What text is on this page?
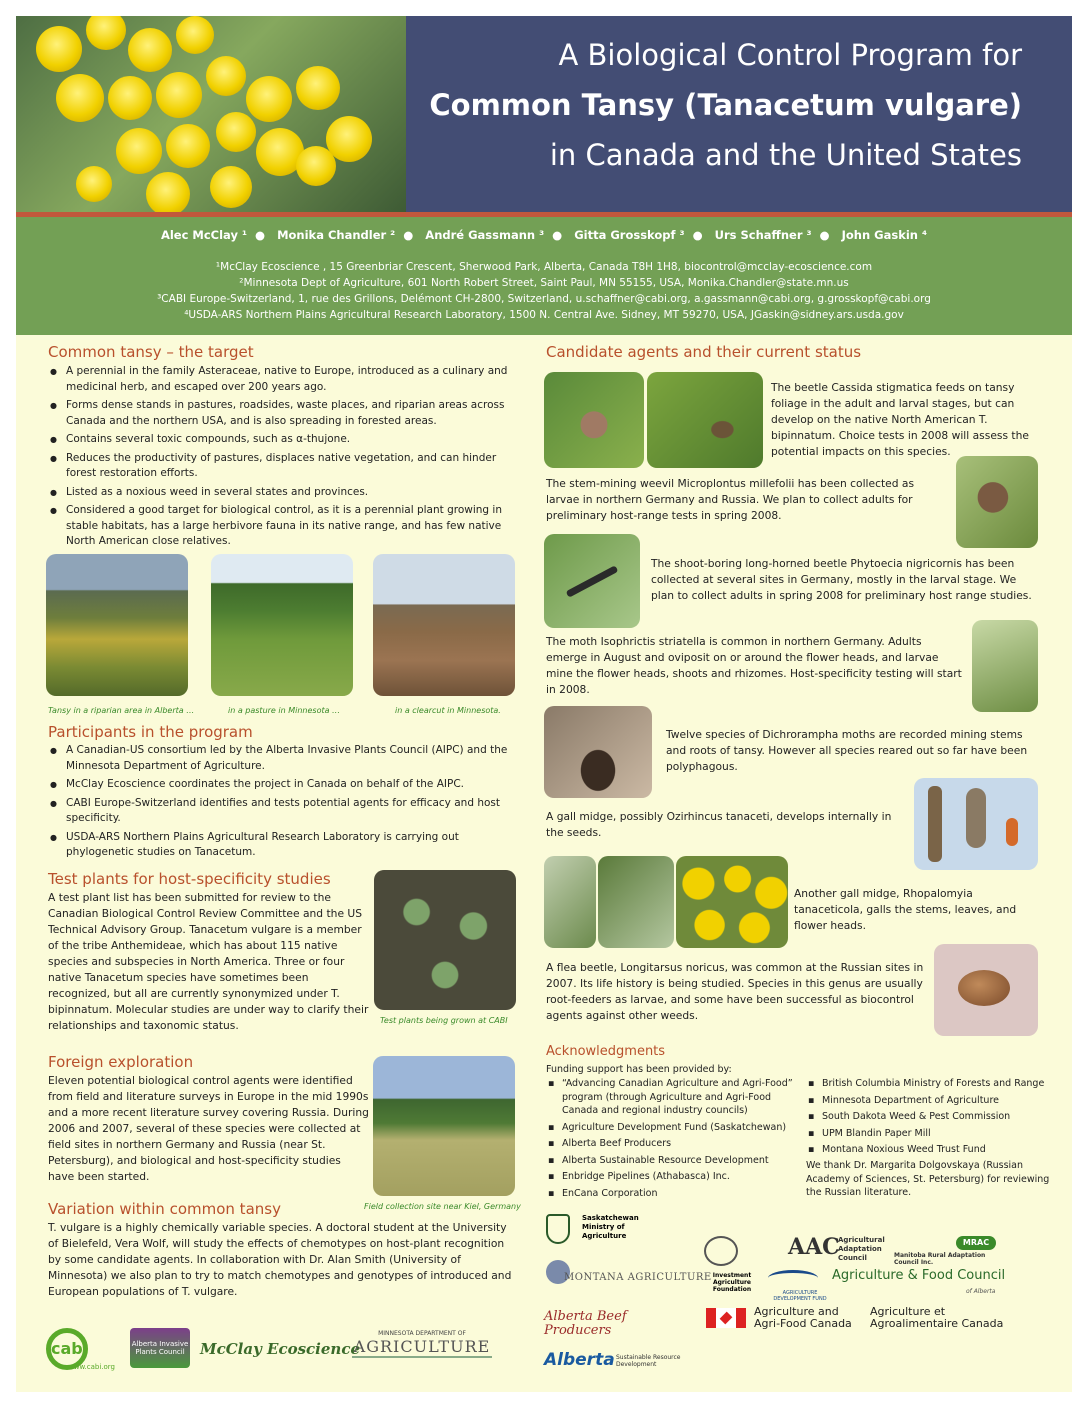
A Biological Control Program for
Common Tansy (Tanacetum vulgare)
in Canada and the United States
Alec McClay ¹ ● Monika Chandler ² ● André Gassmann ³ ● Gitta Grosskopf ³ ● Urs Schaffner ³ ● John Gaskin ⁴
¹McClay Ecoscience , 15 Greenbriar Crescent, Sherwood Park, Alberta, Canada T8H 1H8, biocontrol@mcclay-ecoscience.com
²Minnesota Dept of Agriculture, 601 North Robert Street, Saint Paul, MN 55155, USA, Monika.Chandler@state.mn.us
³CABI Europe-Switzerland, 1, rue des Grillons, Delémont CH-2800, Switzerland, u.schaffner@cabi.org, a.gassmann@cabi.org, g.grosskopf@cabi.org
⁴USDA-ARS Northern Plains Agricultural Research Laboratory, 1500 N. Central Ave. Sidney, MT 59270, USA, JGaskin@sidney.ars.usda.gov
Common tansy – the target
● A perennial in the family Asteraceae, native to Europe, introduced as a culinary and medicinal herb, and escaped over 200 years ago.
● Forms dense stands in pastures, roadsides, waste places, and riparian areas across Canada and the northern USA, and is also spreading in forested areas.
● Contains several toxic compounds, such as α-thujone.
● Reduces the productivity of pastures, displaces native vegetation, and can hinder forest restoration efforts.
● Listed as a noxious weed in several states and provinces.
● Considered a good target for biological control, as it is a perennial plant growing in stable habitats, has a large herbivore fauna in its native range, and has few native North American close relatives.
Tansy in a riparian area in Alberta …	in a pasture in Minnesota …	in a clearcut in Minnesota.
Participants in the program
● A Canadian-US consortium led by the Alberta Invasive Plants Council (AIPC) and the Minnesota Department of Agriculture.
● McClay Ecoscience coordinates the project in Canada on behalf of the AIPC.
● CABI Europe-Switzerland identifies and tests potential agents for efficacy and host specificity.
● USDA-ARS Northern Plains Agricultural Research Laboratory is carrying out phylogenetic studies on Tanacetum.
Test plants for host-specificity studies
A test plant list has been submitted for review to the Canadian Biological Control Review Committee and the US Technical Advisory Group. Tanacetum vulgare is a member of the tribe Anthemideae, which has about 115 native species and subspecies in North America. Three or four native Tanacetum species have sometimes been recognized, but all are currently synonymized under T. bipinnatum. Molecular studies are under way to clarify their relationships and taxonomic status.	Test plants being grown at CABI
Foreign exploration
Eleven potential biological control agents were identified from field and literature surveys in Europe in the mid 1990s and a more recent literature survey covering Russia. During 2006 and 2007, several of these species were collected at field sites in northern Germany and Russia (near St. Petersburg), and biological and host-specificity studies have been started.
Field collection site near Kiel, Germany
Variation within common tansy
T. vulgare is a highly chemically variable species. A doctoral student at the University of Bielefeld, Vera Wolf, will study the effects of chemotypes on host-plant recognition by some candidate agents. In collaboration with Dr. Alan Smith (University of Minnesota) we also plan to try to match chemotypes and genotypes of introduced and European populations of T. vulgare.
cabi
www.cabi.org
Alberta Invasive Plants Council	McClay Ecoscience
MINNESOTA DEPARTMENT OF
AGRICULTURE
Candidate agents and their current status
The beetle Cassida stigmatica feeds on tansy foliage in the adult and larval stages, but can develop on the native North American T. bipinnatum. Choice tests in 2008 will assess the potential impacts on this species.
The stem-mining weevil Microplontus millefolii has been collected as larvae in northern Germany and Russia. We plan to collect adults for preliminary host-range tests in spring 2008.
The shoot-boring long-horned beetle Phytoecia nigricornis has been collected at several sites in Germany, mostly in the larval stage. We plan to collect adults in spring 2008 for preliminary host range studies.
The moth Isophrictis striatella is common in northern Germany. Adults emerge in August and oviposit on or around the flower heads, and larvae mine the flower heads, shoots and rhizomes. Host-specificity testing will start in 2008.
Twelve species of Dichrorampha moths are recorded mining stems and roots of tansy. However all species reared out so far have been polyphagous.
A gall midge, possibly Ozirhincus tanaceti, develops internally in the seeds.
Another gall midge, Rhopalomyia tanaceticola, galls the stems, leaves, and flower heads.
A flea beetle, Longitarsus noricus, was common at the Russian sites in 2007. Its life history is being studied. Species in this genus are usually root-feeders as larvae, and some have been successful as biocontrol agents against other weeds.
Acknowledgments
Funding support has been provided by:
▪ “Advancing Canadian Agriculture and Agri-Food” program (through Agriculture and Agri-Food Canada and regional industry councils)
▪ Agriculture Development Fund (Saskatchewan)
▪ Alberta Beef Producers
▪ Alberta Sustainable Resource Development
▪ Enbridge Pipelines (Athabasca) Inc.
▪ EnCana Corporation
▪ British Columbia Ministry of Forests and Range
▪ Minnesota Department of Agriculture
▪ South Dakota Weed & Pest Commission
▪ UPM Blandin Paper Mill
▪ Montana Noxious Weed Trust Fund
We thank Dr. Margarita Dolgovskaya (Russian Academy of Sciences, St. Petersburg) for reviewing the Russian literature.
Saskatchewan Ministry of Agriculture
Investment Agriculture Foundation
AAC
Agricultural Adaptation Council
MRAC
Manitoba Rural Adaptation Council Inc.
MONTANA AGRICULTURE
AGRICULTURE DEVELOPMENT FUND
Agriculture & Food Council
of Alberta
Alberta Beef Producers
Agriculture and Agri-Food Canada
Agriculture et Agroalimentaire Canada
Alberta Sustainable Resource Development
